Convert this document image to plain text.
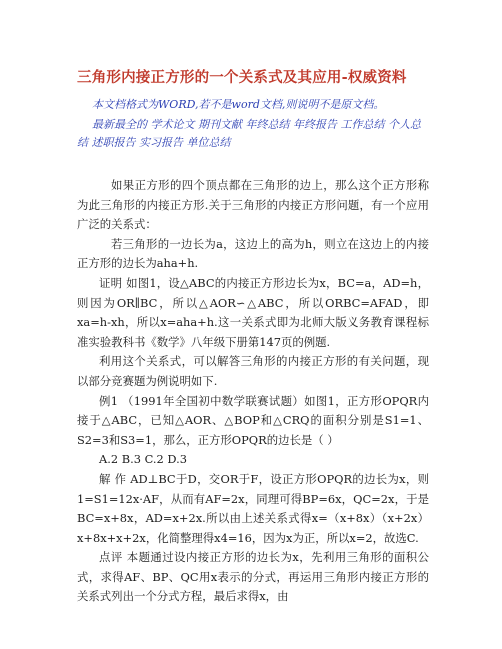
三角形内接正方形的一个关系式及其应用-权威资料
本文档格式为WORD,若不是word文档,则说明不是原文档。
最新最全的 学术论文 期刊文献 年终总结 年终报告 工作总结 个人总
结 述职报告 实习报告 单位总结

如果正方形的四个顶点都在三角形的边上，那么这个正方形称为此三角形的内接正方形.关于三角形的内接正方形问题，有一个应用广泛的关系式：

若三角形的一边长为a，这边上的高为h，则立在这边上的内接正方形的边长为aha+h.

证明 如图1，设△ABC的内接正方形边长为x，BC=a，AD=h，则因为OR∥BC，所以△AOR∽△ABC，所以ORBC=AFAD，即xa=h-xh，所以x=aha+h.这一关系式即为北师大版义务教育课程标准实验教科书《数学》八年级下册第147页的例题.

利用这个关系式，可以解答三角形的内接正方形的有关问题，现以部分竞赛题为例说明如下.

例1 （1991年全国初中数学联赛试题）如图1，正方形OPQR内接于△ABC，已知△AOR、△BOP和△CRQ的面积分别是S1=1、S2=3和S3=1，那么，正方形OPQR的边长是（ ）

A.2 B.3 C.2 D.3

解 作 AD⊥BC于D，交OR于F，设正方形OPQR的边长为x，则1=S1=12x·AF，从而有AF=2x，同理可得BP=6x，QC=2x，于是BC=x+8x，AD=x+2x.所以由上述关系式得x=（x+8x）（x+2x）x+8x+x+2x，化简整理得x4=16，因为x为正，所以x=2，故选C.

点评 本题通过设内接正方形的边长为x，先利用三角形的面积公式，求得AF、BP、QC用x表示的分式，再运用三角形内接正方形的关系式列出一个分式方程，最后求得x，由
